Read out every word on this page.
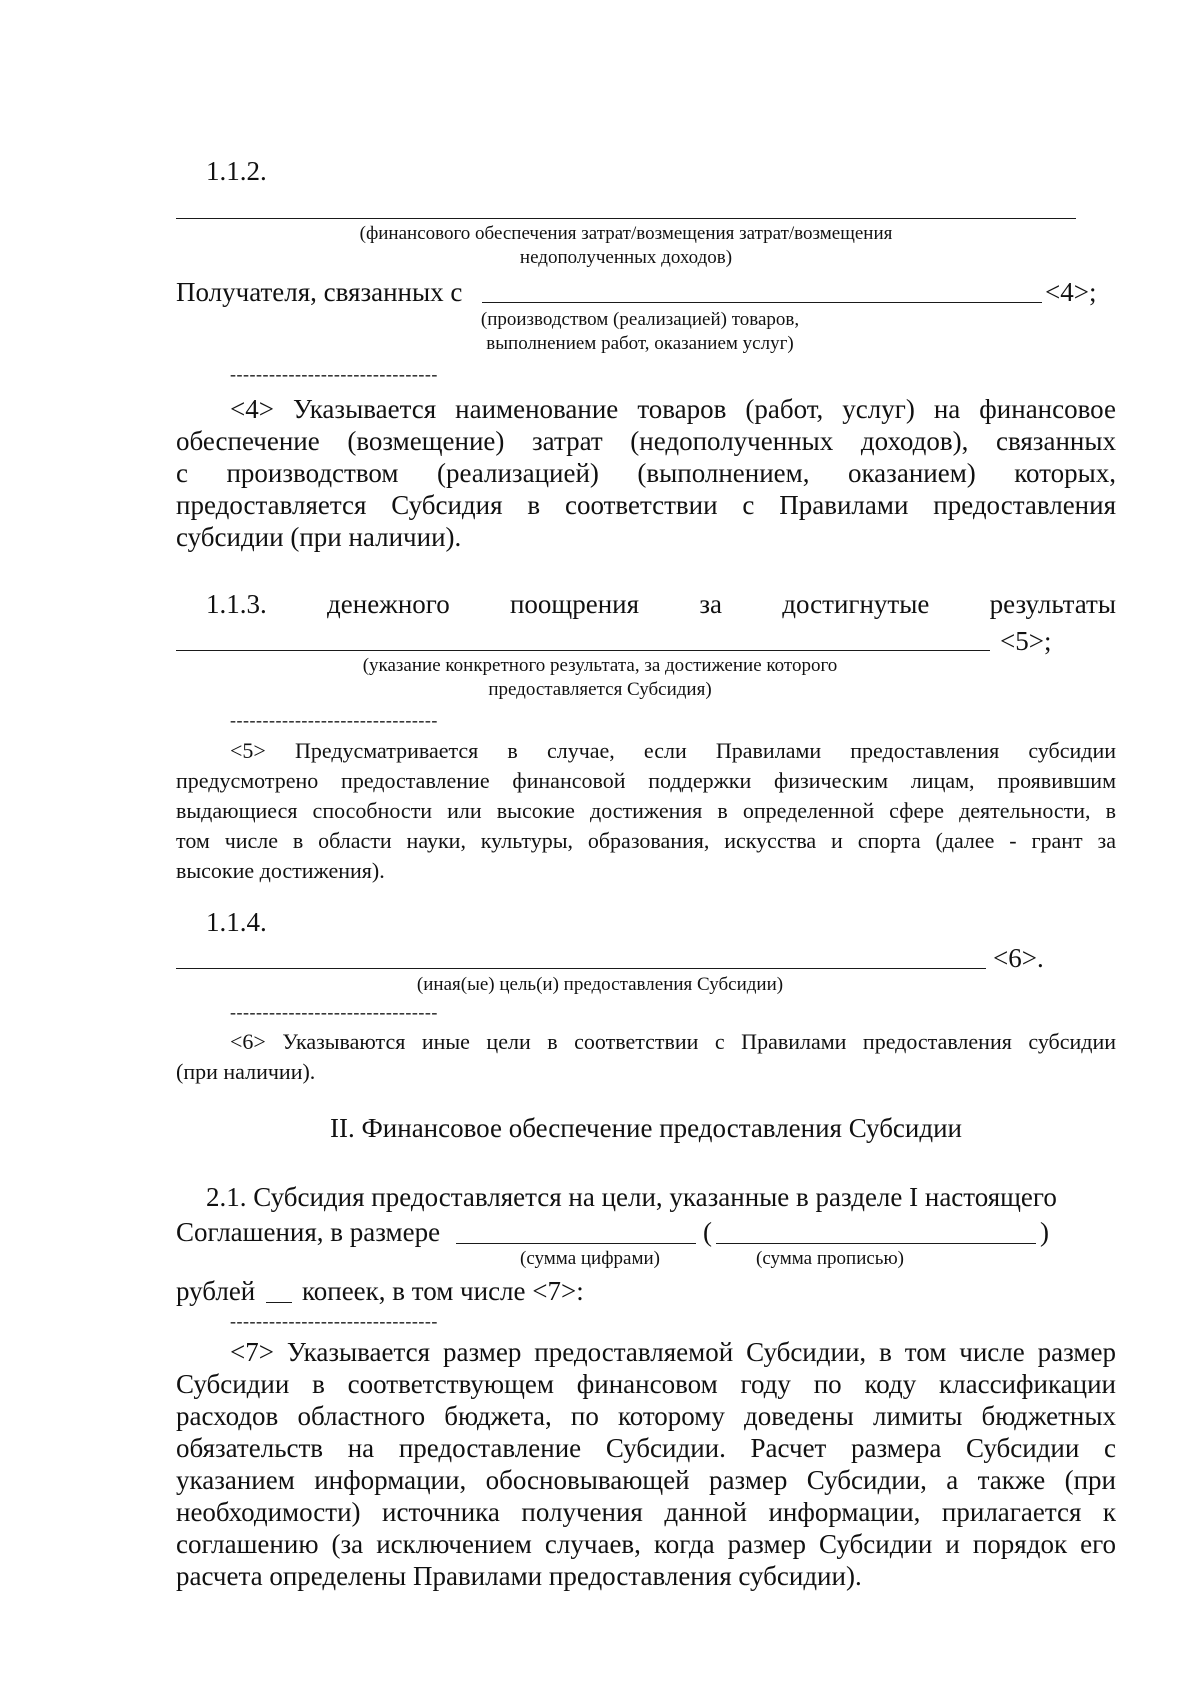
1.1.2.
(финансового обеспечения затрат/возмещения затрат/возмещения
недополученных доходов)
Получателя, связанных с	<4>;
(производством (реализацией) товаров,
выполнением работ, оказанием услуг)
--------------------------------
<4> Указывается наименование товаров (работ, услуг) на финансовое
обеспечение (возмещение) затрат (недополученных доходов), связанных
с производством (реализацией) (выполнением, оказанием) которых,
предоставляется Субсидия в соответствии с Правилами предоставления
субсидии (при наличии).
1.1.3. денежного поощрения за достигнутые результаты
<5>;
(указание конкретного результата, за достижение которого
предоставляется Субсидия)
--------------------------------
<5> Предусматривается в случае, если Правилами предоставления субсидии
предусмотрено предоставление финансовой поддержки физическим лицам, проявившим
выдающиеся способности или высокие достижения в определенной сфере деятельности, в
том числе в области науки, культуры, образования, искусства и спорта (далее - грант за
высокие достижения).
1.1.4.
<6>.
(иная(ые) цель(и) предоставления Субсидии)
--------------------------------
<6> Указываются иные цели в соответствии с Правилами предоставления субсидии
(при наличии).
II. Финансовое обеспечение предоставления Субсидии
2.1. Субсидия предоставляется на цели, указанные в разделе I настоящего
Соглашения, в размере	(	)
(сумма цифрами)	(сумма прописью)
рублей копеек, в том числе <7>:
--------------------------------
<7> Указывается размер предоставляемой Субсидии, в том числе размер
Субсидии в соответствующем финансовом году по коду классификации
расходов областного бюджета, по которому доведены лимиты бюджетных
обязательств на предоставление Субсидии. Расчет размера Субсидии с
указанием информации, обосновывающей размер Субсидии, а также (при
необходимости) источника получения данной информации, прилагается к
соглашению (за исключением случаев, когда размер Субсидии и порядок его
расчета определены Правилами предоставления субсидии).
